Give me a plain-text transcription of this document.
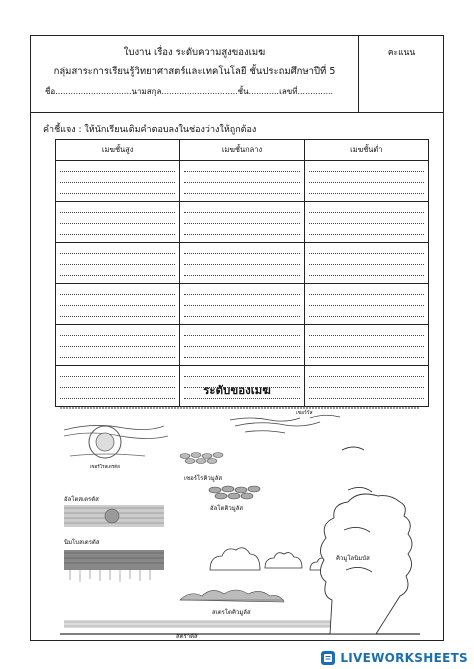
ใบงาน เรื่อง ระดับความสูงของเมฆ
กลุ่มสาระการเรียนรู้วิทยาศาสตร์และเทคโนโลยี ชั้นประถมศึกษาปีที่ 5
ชื่อ..............................นามสกุล..............................ชั้น............เลขที่..............
คะแนน
คำชี้แจง : ให้นักเรียนเติมคำตอบลงในช่องว่างให้ถูกต้อง
เมฆชั้นสูง	เมฆชั้นกลาง	เมฆชั้นต่ำ

ระดับของเมฆ
เซอร์รัส
เซอร์โรสเตรตัส
เซอร์โรคิวมูลัส
อัลโตคิวมูลัส
อัลโตสเตรตัส
นิมโบสเตรตัส
สเตรโตคิวมูลัส
สตราตัส
คิวมูโลนิมบัส
LIVEWORKSHEETS
